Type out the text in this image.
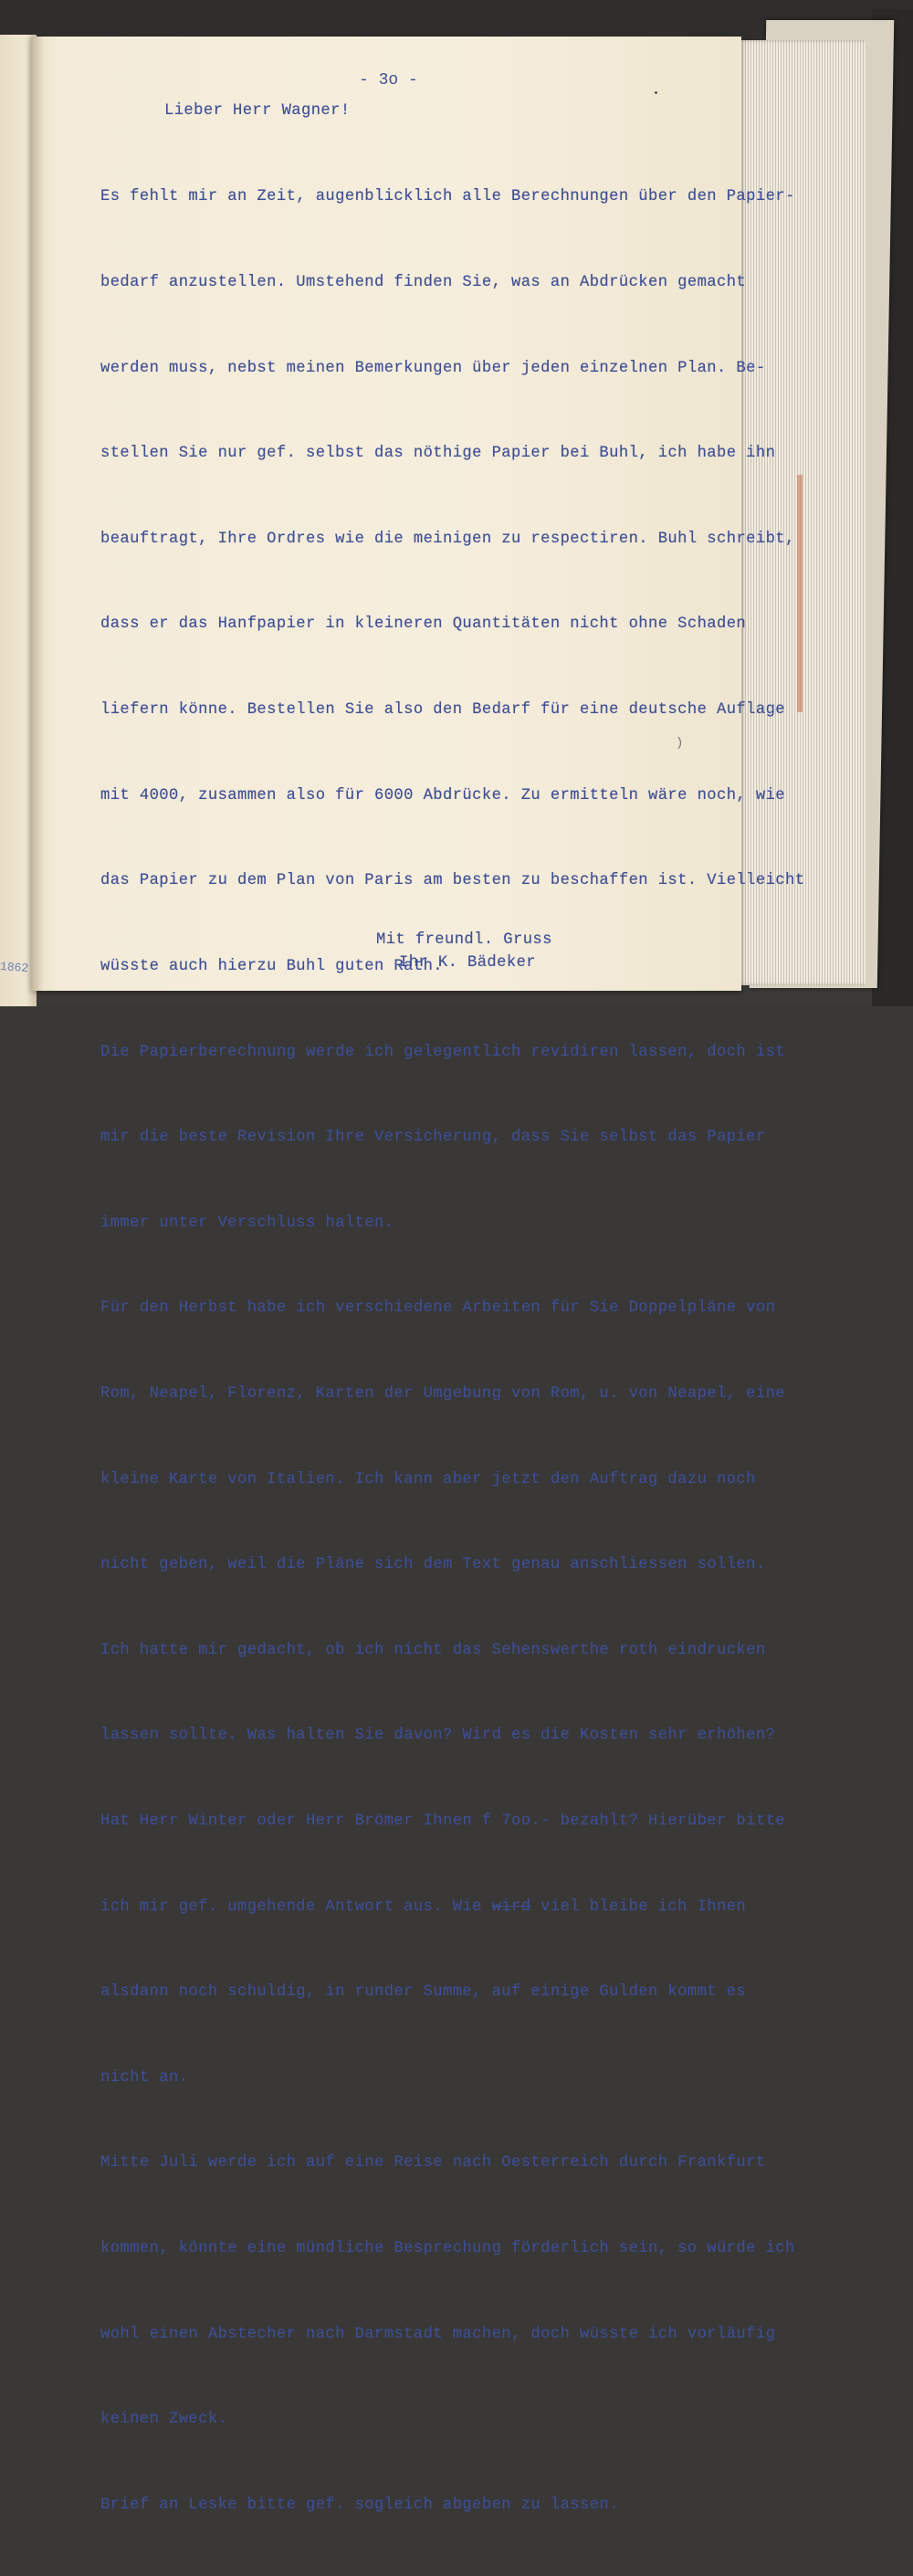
1862
- 3o -
Lieber Herr Wagner!

Es fehlt mir an Zeit, augenblicklich alle Berechnungen über den Papier-

bedarf anzustellen. Umstehend finden Sie, was an Abdrücken gemacht

werden muss, nebst meinen Bemerkungen über jeden einzelnen Plan. Be-

stellen Sie nur gef. selbst das nöthige Papier bei Buhl, ich habe ihn

beauftragt, Ihre Ordres wie die meinigen zu respectiren. Buhl schreibt,

dass er das Hanfpapier in kleineren Quantitäten nicht ohne Schaden

liefern könne. Bestellen Sie also den Bedarf für eine deutsche Auflage

mit 4000, zusammen also für 6000 Abdrücke. Zu ermitteln wäre noch, wie

das Papier zu dem Plan von Paris am besten zu beschaffen ist. Vielleicht

wüsste auch hierzu Buhl guten Rath.

Die Papierberechnung werde ich gelegentlich revidiren lassen, doch ist

mir die beste Revision Ihre Versicherung, dass Sie selbst das Papier

immer unter Verschluss halten.

Für den Herbst habe ich verschiedene Arbeiten für Sie Doppelpläne von

Rom, Neapel, Florenz, Karten der Umgebung von Rom, u. von Neapel, eine

kleine Karte von Italien. Ich kann aber jetzt den Auftrag dazu noch

nicht geben, weil die Pläne sich dem Text genau anschliessen sollen.

Ich hatte mir gedacht, ob ich nicht das Sehenswerthe roth eindrucken

lassen sollte. Was halten Sie davon? Wird es die Kosten sehr erhöhen?

Hat Herr Winter oder Herr Brömer Ihnen f 7oo.- bezahlt? Hierüber bitte

ich mir gef. umgehende Antwort aus. Wie wird viel bleibe ich Ihnen

alsdann noch schuldig, in runder Summe, auf einige Gulden kommt es

nicht an.

Mitte Juli werde ich auf eine Reise nach Oesterreich durch Frankfurt

kommen, könnte eine mündliche Besprechung förderlich sein, so würde ich

wohl einen Abstecher nach Darmstadt machen, doch wüsste ich vorläufig

keinen Zweck.

Brief an Leske bitte gef. sogleich abgeben zu lassen.

)
Mit freundl. Gruss
Ihr K. Bädeker
